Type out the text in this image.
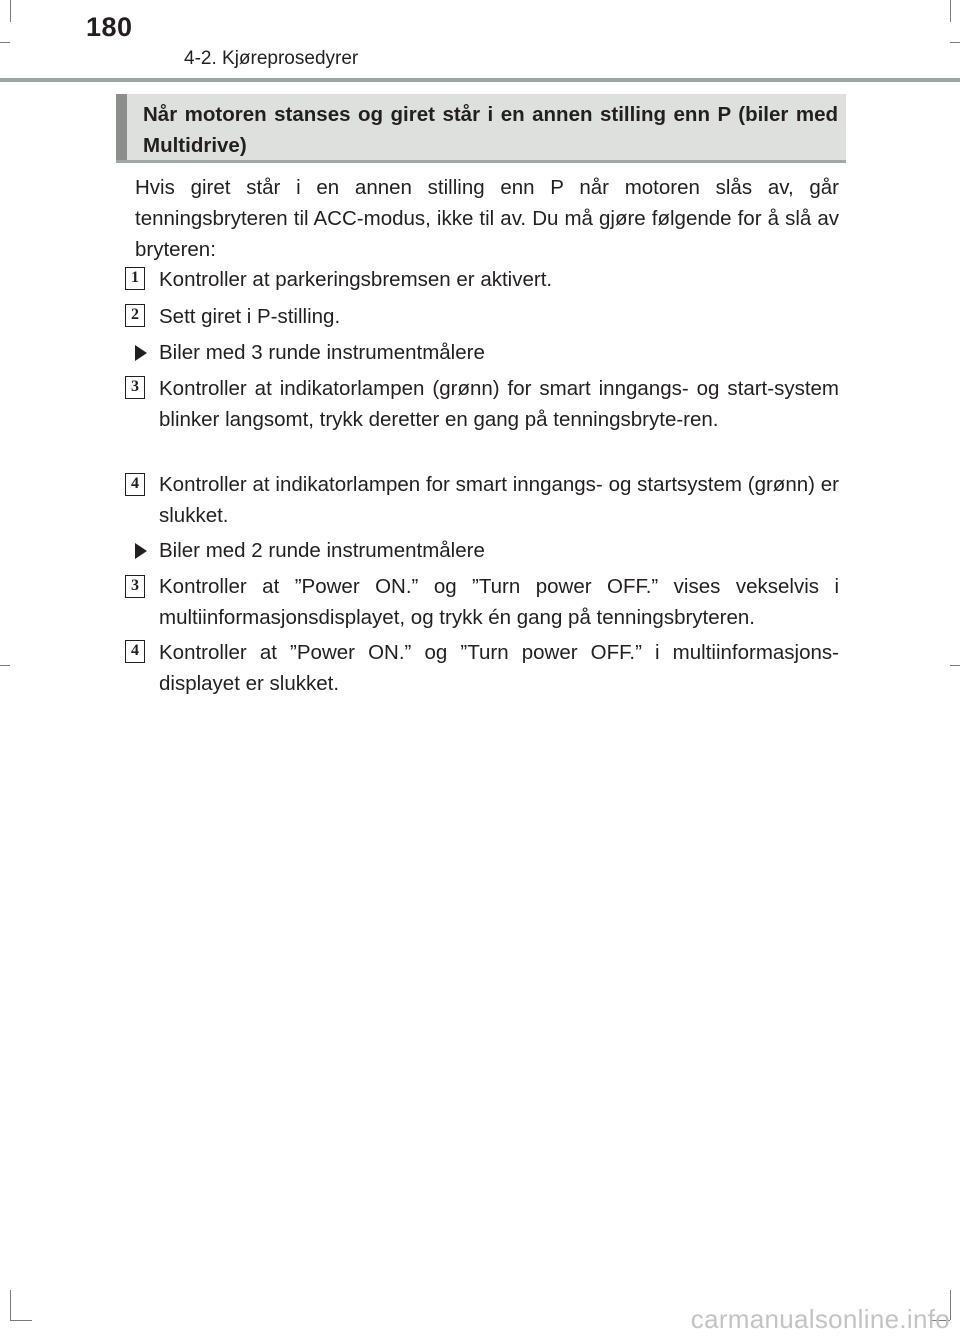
180
4-2. Kjøreprosedyrer
Når motoren stanses og giret står i en annen stilling enn P (biler med Multidrive)
Hvis giret står i en annen stilling enn P når motoren slås av, går tenningsbryteren til ACC-modus, ikke til av. Du må gjøre følgende for å slå av bryteren:
1 Kontroller at parkeringsbremsen er aktivert.
2 Sett giret i P-stilling.
Biler med 3 runde instrumentmålere
3 Kontroller at indikatorlampen (grønn) for smart inngangs- og start-system blinker langsomt, trykk deretter en gang på tenningsbryte-ren.
4 Kontroller at indikatorlampen for smart inngangs- og startsystem (grønn) er slukket.
Biler med 2 runde instrumentmålere
3 Kontroller at ”Power ON.” og ”Turn power OFF.” vises vekselvis i multiinformasjonsdisplayet, og trykk én gang på tenningsbryteren.
4 Kontroller at ”Power ON.” og ”Turn power OFF.” i multiinformasjons-displayet er slukket.
carmanualsonline.info
